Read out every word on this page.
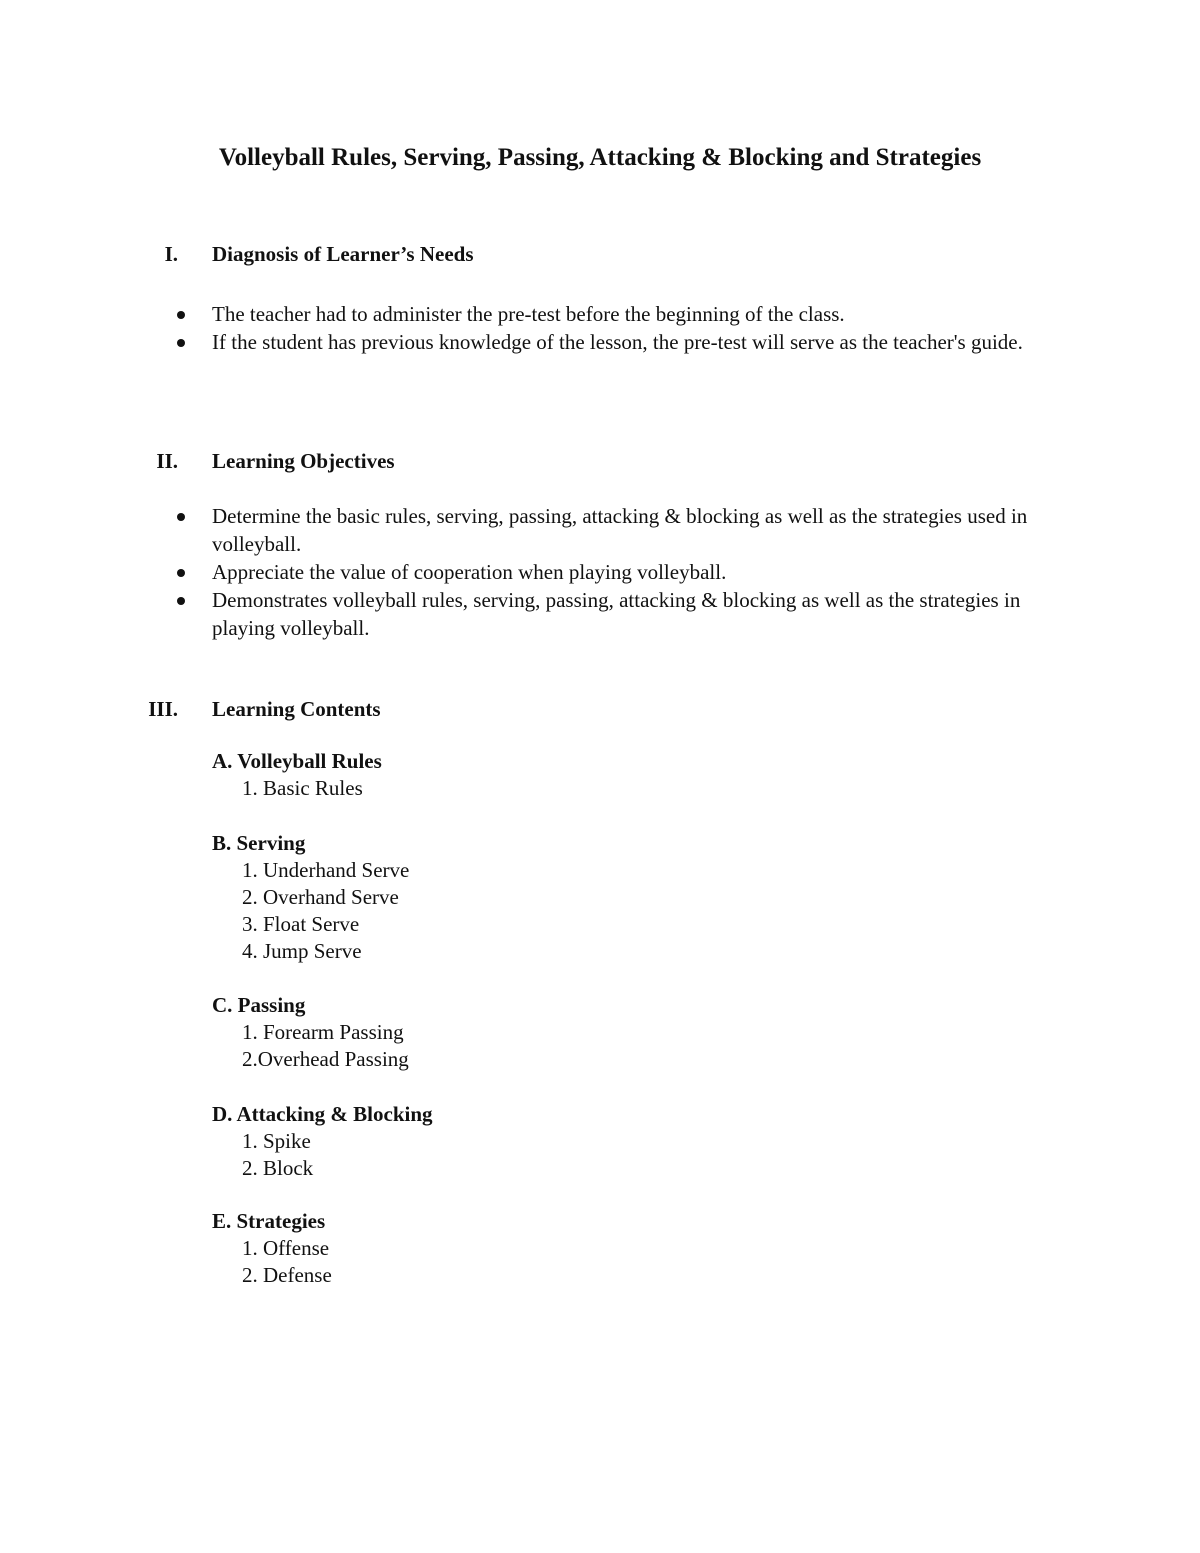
Volleyball Rules, Serving, Passing, Attacking & Blocking and Strategies
I. Diagnosis of Learner’s Needs
The teacher had to administer the pre-test before the beginning of the class.
If the student has previous knowledge of the lesson, the pre-test will serve as the teacher's guide.
II. Learning Objectives
Determine the basic rules, serving, passing, attacking & blocking as well as the strategies used in volleyball.
Appreciate the value of cooperation when playing volleyball.
Demonstrates volleyball rules, serving, passing, attacking & blocking as well as the strategies in playing volleyball.
III. Learning Contents

A. Volleyball Rules

1. Basic Rules

B. Serving

1. Underhand Serve
2. Overhand Serve
3. Float Serve
4. Jump Serve

C. Passing

1. Forearm Passing
2.Overhead Passing

D. Attacking & Blocking

1. Spike
2. Block

E. Strategies

1. Offense
2. Defense
